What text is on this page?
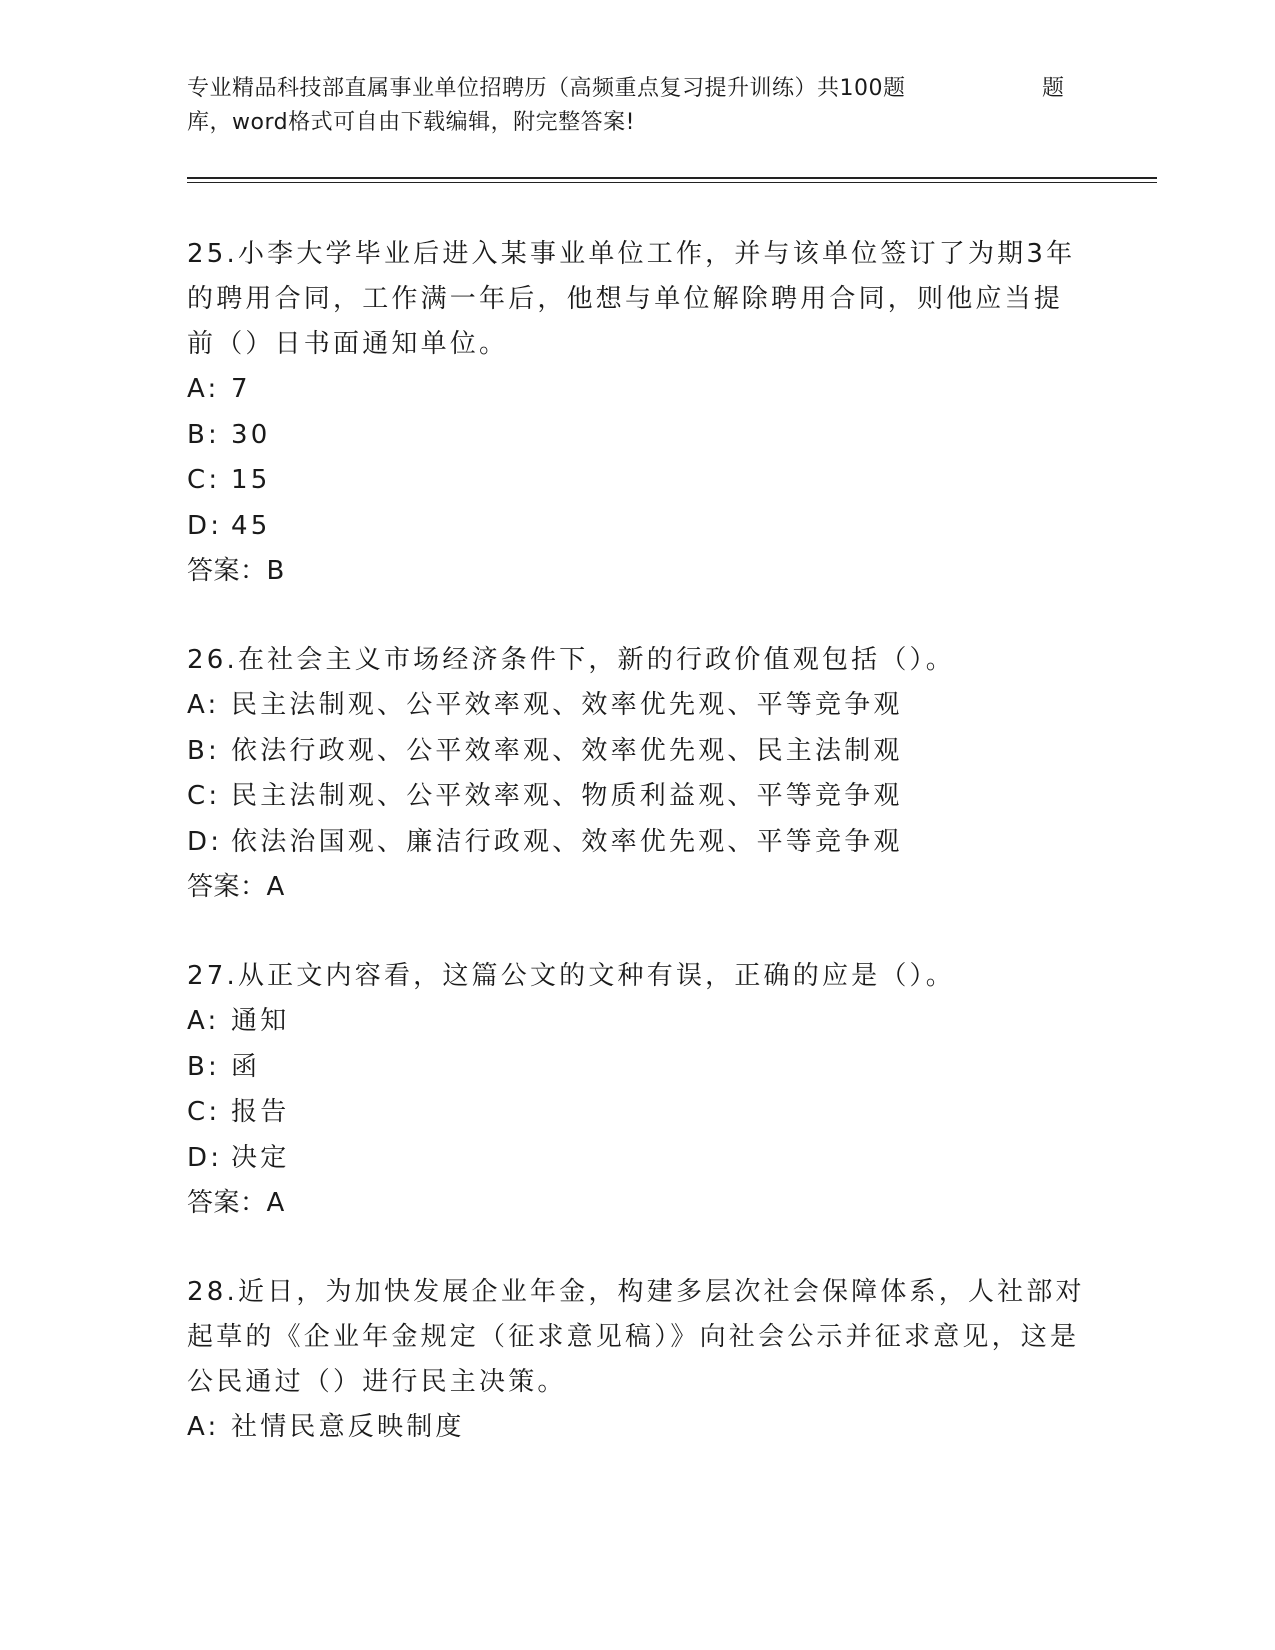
专业精品科技部直属事业单位招聘历（高频重点复习提升训练）共100题	题
库，word格式可自由下载编辑，附完整答案!

25.小李大学毕业后进入某事业单位工作，并与该单位签订了为期3年的聘用合同，工作满一年后，他想与单位解除聘用合同，则他应当提前（）日书面通知单位。

A: 7

B: 30

C: 15

D: 45

答案：B

26.在社会主义市场经济条件下，新的行政价值观包括（）。

A: 民主法制观、公平效率观、效率优先观、平等竞争观

B: 依法行政观、公平效率观、效率优先观、民主法制观

C: 民主法制观、公平效率观、物质利益观、平等竞争观

D: 依法治国观、廉洁行政观、效率优先观、平等竞争观

答案：A

27.从正文内容看，这篇公文的文种有误，正确的应是（）。

A: 通知

B: 函

C: 报告

D: 决定

答案：A

28.近日，为加快发展企业年金，构建多层次社会保障体系，人社部对起草的《企业年金规定（征求意见稿）》向社会公示并征求意见，这是公民通过（）进行民主决策。

A: 社情民意反映制度
